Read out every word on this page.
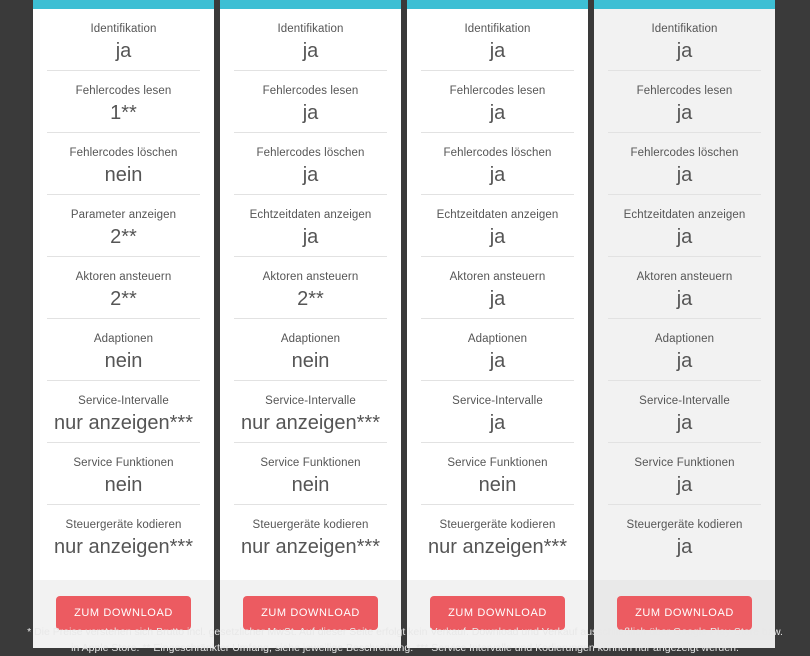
Identifikation
ja
Fehlercodes lesen
1**
Fehlercodes löschen
nein
Parameter anzeigen
2**
Aktoren ansteuern
2**
Adaptionen
nein
Service-Intervalle
nur anzeigen***
Service Funktionen
nein
Steuergeräte kodieren
nur anzeigen***
ZUM DOWNLOAD
Identifikation
ja
Fehlercodes lesen
ja
Fehlercodes löschen
ja
Echtzeitdaten anzeigen
ja
Aktoren ansteuern
2**
Adaptionen
nein
Service-Intervalle
nur anzeigen***
Service Funktionen
nein
Steuergeräte kodieren
nur anzeigen***
ZUM DOWNLOAD
Identifikation
ja
Fehlercodes lesen
ja
Fehlercodes löschen
ja
Echtzeitdaten anzeigen
ja
Aktoren ansteuern
ja
Adaptionen
ja
Service-Intervalle
ja
Service Funktionen
nein
Steuergeräte kodieren
nur anzeigen***
ZUM DOWNLOAD
Identifikation
ja
Fehlercodes lesen
ja
Fehlercodes löschen
ja
Echtzeitdaten anzeigen
ja
Aktoren ansteuern
ja
Adaptionen
ja
Service-Intervalle
ja
Service Funktionen
ja
Steuergeräte kodieren
ja
ZUM DOWNLOAD
* Die Preise verstehen sich Brutto incl. gesetzlicher MwSt. Auf dieser Seite erfolgt kein Verkauf. Download und Verkauf ausschließlich über Google Play-Store bzw.
in Apple Store. ** Eingeschränkter Umfang, siehe jeweilige Beschreibung. *** Service Intervalle und Kodierungen können nur angezeigt werden.
